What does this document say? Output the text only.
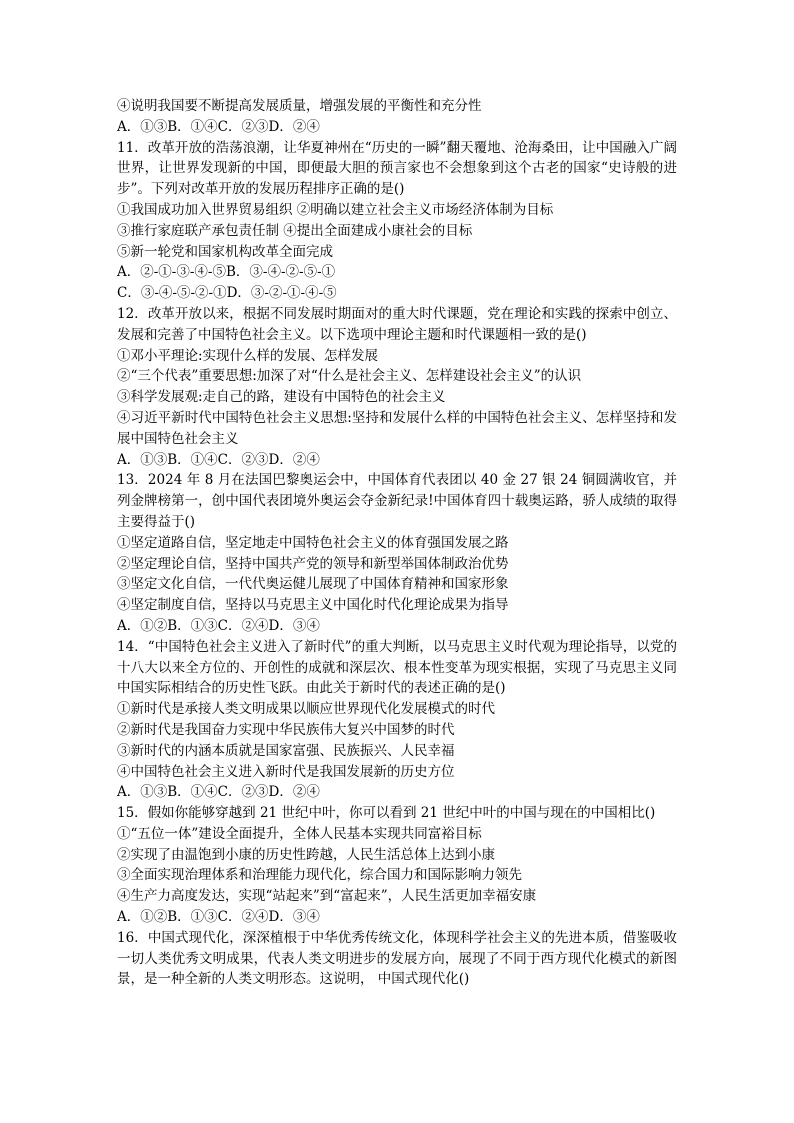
④说明我国要不断提高发展质量，增强发展的平衡性和充分性
A．①③B．①④C．②③D．②④
11．改革开放的浩荡浪潮，让华夏神州在“历史的一瞬”翻天覆地、沧海桑田，让中国融入广阔世界，让世界发现新的中国，即便最大胆的预言家也不会想象到这个古老的国家“史诗般的进步”。下列对改革开放的发展历程排序正确的是()
①我国成功加入世界贸易组织 ②明确以建立社会主义市场经济体制为目标
③推行家庭联产承包责任制 ④提出全面建成小康社会的目标
⑤新一轮党和国家机构改革全面完成
A．②-①-③-④-⑤B．③-④-②-⑤-①
C．③-④-⑤-②-①D．③-②-①-④-⑤
12．改革开放以来，根据不同发展时期面对的重大时代课题，党在理论和实践的探索中创立、发展和完善了中国特色社会主义。以下选项中理论主题和时代课题相一致的是()
①邓小平理论:实现什么样的发展、怎样发展
②“三个代表”重要思想:加深了对“什么是社会主义、怎样建设社会主义”的认识
③科学发展观:走自己的路，建设有中国特色的社会主义
④习近平新时代中国特色社会主义思想:坚持和发展什么样的中国特色社会主义、怎样坚持和发展中国特色社会主义
A．①③B．①④C．②③D．②④
13．2024 年 8 月在法国巴黎奥运会中，中国体育代表团以 40 金 27 银 24 铜圆满收官，并列金牌榜第一，创中国代表团境外奥运会夺金新纪录!中国体育四十载奥运路，骄人成绩的取得主要得益于()
①坚定道路自信，坚定地走中国特色社会主义的体育强国发展之路
②坚定理论自信，坚持中国共产党的领导和新型举国体制政治优势
③坚定文化自信，一代代奥运健儿展现了中国体育精神和国家形象
④坚定制度自信，坚持以马克思主义中国化时代化理论成果为指导
A．①②B．①③C．②④D．③④
14．“中国特色社会主义进入了新时代”的重大判断，以马克思主义时代观为理论指导，以党的十八大以来全方位的、开创性的成就和深层次、根本性变革为现实根据，实现了马克思主义同中国实际相结合的历史性飞跃。由此关于新时代的表述正确的是()
①新时代是承接人类文明成果以顺应世界现代化发展模式的时代
②新时代是我国奋力实现中华民族伟大复兴中国梦的时代
③新时代的内涵本质就是国家富强、民族振兴、人民幸福
④中国特色社会主义进入新时代是我国发展新的历史方位
A．①③B．①④C．②③D．②④
15．假如你能够穿越到 21 世纪中叶，你可以看到 21 世纪中叶的中国与现在的中国相比()
①“五位一体”建设全面提升，全体人民基本实现共同富裕目标
②实现了由温饱到小康的历史性跨越，人民生活总体上达到小康
③全面实现治理体系和治理能力现代化，综合国力和国际影响力领先
④生产力高度发达，实现“站起来”到“富起来”，人民生活更加幸福安康
A．①②B．①③C．②④D．③④
16．中国式现代化，深深植根于中华优秀传统文化，体现科学社会主义的先进本质，借鉴吸收一切人类优秀文明成果，代表人类文明进步的发展方向，展现了不同于西方现代化模式的新图景，是一种全新的人类文明形态。这说明， 中国式现代化()
